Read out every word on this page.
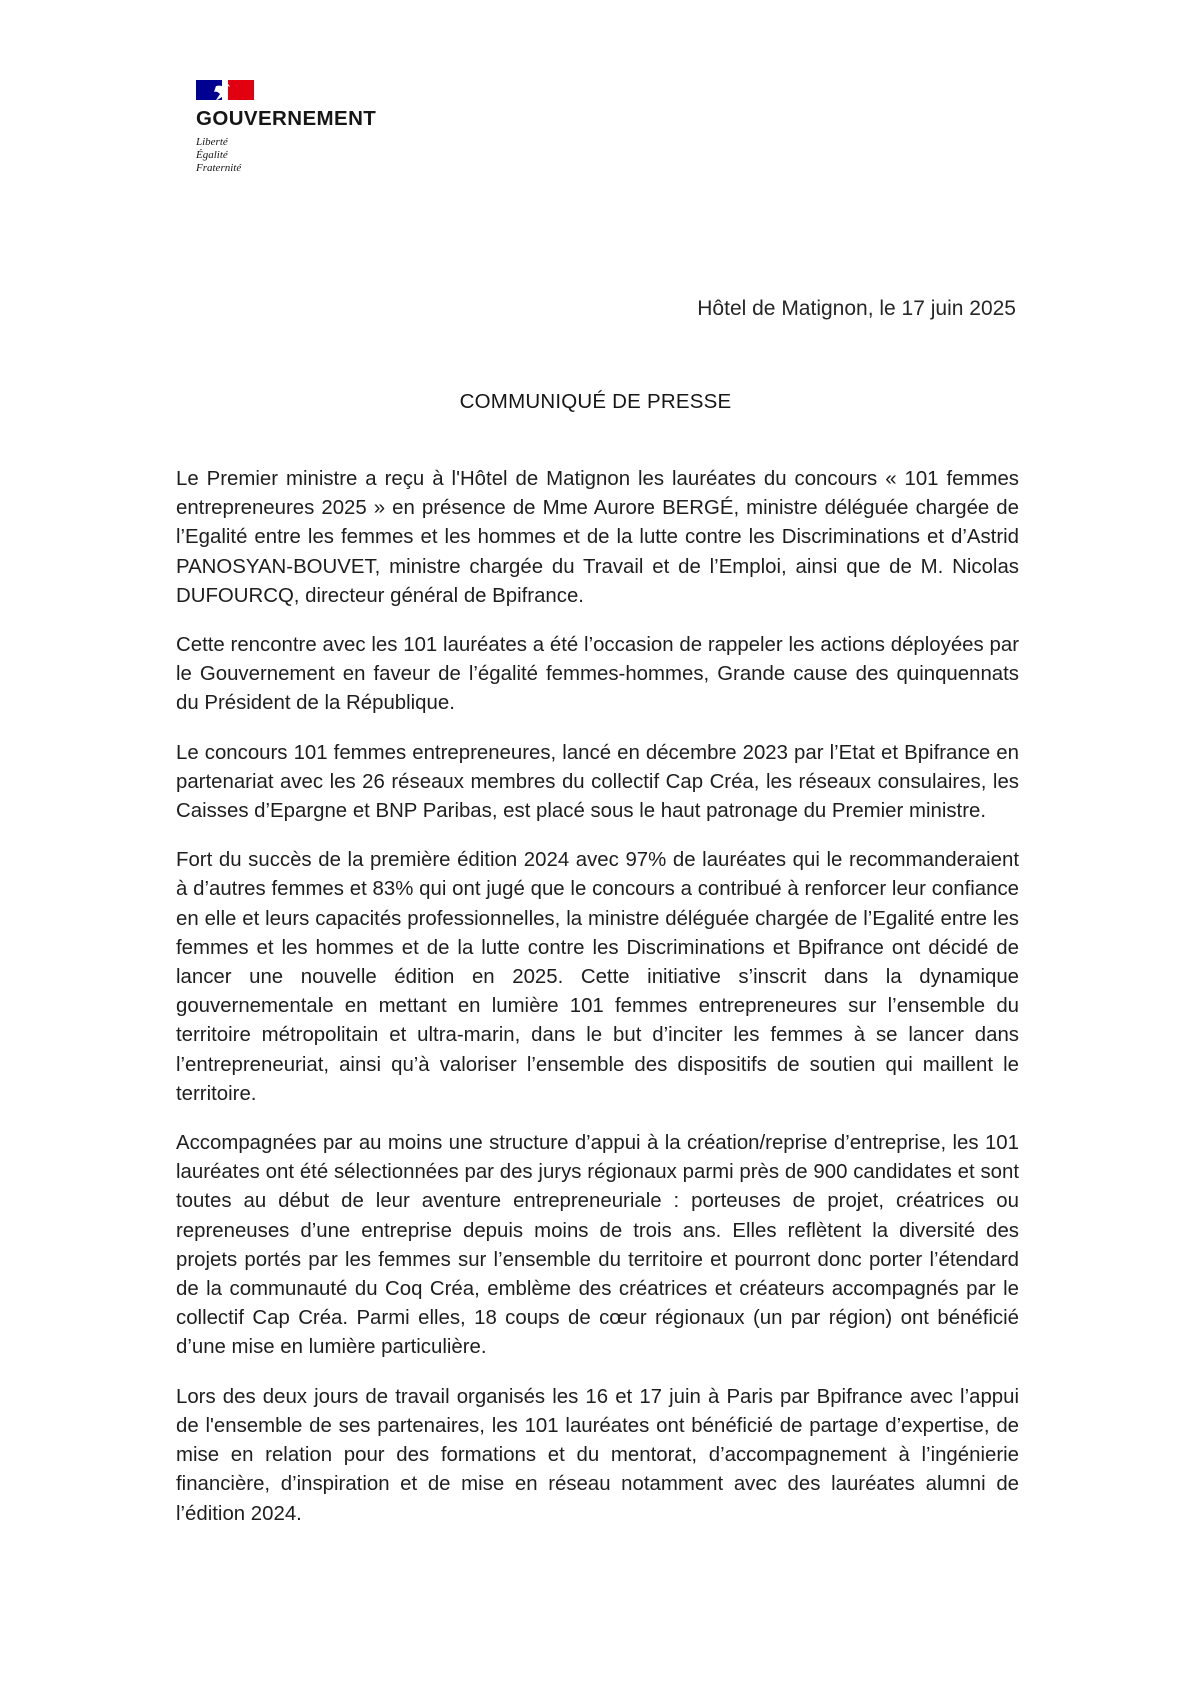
GOUVERNEMENT
Liberté
Égalité
Fraternité
Hôtel de Matignon, le 17 juin 2025
COMMUNIQUÉ DE PRESSE

Le Premier ministre a reçu à l'Hôtel de Matignon les lauréates du concours « 101 femmes entrepreneures 2025 » en présence de Mme Aurore BERGÉ, ministre déléguée chargée de l’Egalité entre les femmes et les hommes et de la lutte contre les Discriminations et d’Astrid PANOSYAN-BOUVET, ministre chargée du Travail et de l’Emploi, ainsi que de M. Nicolas DUFOURCQ, directeur général de Bpifrance.

Cette rencontre avec les 101 lauréates a été l’occasion de rappeler les actions déployées par le Gouvernement en faveur de l’égalité femmes-hommes, Grande cause des quinquennats du Président de la République.

Le concours 101 femmes entrepreneures, lancé en décembre 2023 par l’Etat et Bpifrance en partenariat avec les 26 réseaux membres du collectif Cap Créa, les réseaux consulaires, les Caisses d’Epargne et BNP Paribas, est placé sous le haut patronage du Premier ministre.

Fort du succès de la première édition 2024 avec 97% de lauréates qui le recommanderaient à d’autres femmes et 83% qui ont jugé que le concours a contribué à renforcer leur confiance en elle et leurs capacités professionnelles, la ministre déléguée chargée de l’Egalité entre les femmes et les hommes et de la lutte contre les Discriminations et Bpifrance ont décidé de lancer une nouvelle édition en 2025. Cette initiative s’inscrit dans la dynamique gouvernementale en mettant en lumière 101 femmes entrepreneures sur l’ensemble du territoire métropolitain et ultra-marin, dans le but d’inciter les femmes à se lancer dans l’entrepreneuriat, ainsi qu’à valoriser l’ensemble des dispositifs de soutien qui maillent le territoire.

Accompagnées par au moins une structure d’appui à la création/reprise d’entreprise, les 101 lauréates ont été sélectionnées par des jurys régionaux parmi près de 900 candidates et sont toutes au début de leur aventure entrepreneuriale : porteuses de projet, créatrices ou repreneuses d’une entreprise depuis moins de trois ans. Elles reflètent la diversité des projets portés par les femmes sur l’ensemble du territoire et pourront donc porter l’étendard de la communauté du Coq Créa, emblème des créatrices et créateurs accompagnés par le collectif Cap Créa. Parmi elles, 18 coups de cœur régionaux (un par région) ont bénéficié d’une mise en lumière particulière.

Lors des deux jours de travail organisés les 16 et 17 juin à Paris par Bpifrance avec l’appui de l'ensemble de ses partenaires, les 101 lauréates ont bénéficié de partage d’expertise, de mise en relation pour des formations et du mentorat, d’accompagnement à l’ingénierie financière, d’inspiration et de mise en réseau notamment avec des lauréates alumni de l’édition 2024.
